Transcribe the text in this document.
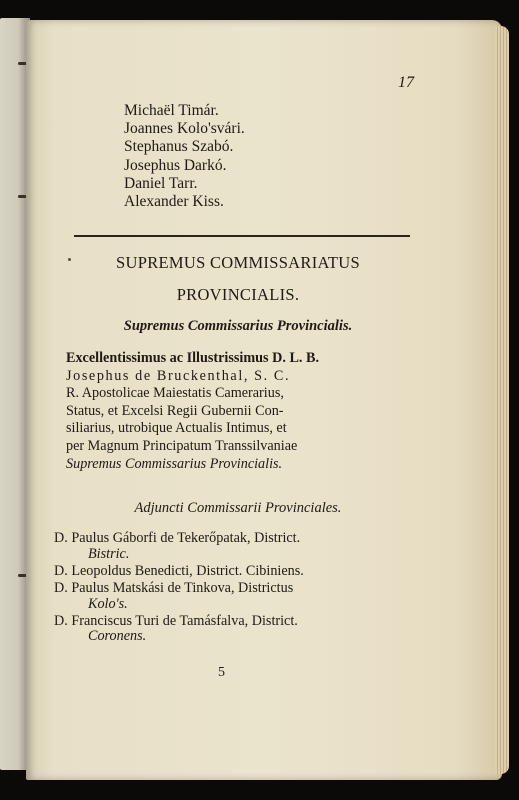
17
Michaël Timár.
Joannes Kolo'svári.
Stephanus Szabó.
Josephus Darkó.
Daniel Tarr.
Alexander Kiss.
SUPREMUS COMMISSARIATUS
PROVINCIALIS.
Supremus Commissarius Provincialis.

Excellentissimus ac Illustrissimus D. L. B.
Josephus de Bruckenthal, S. C.
R. Apostolicae Maiestatis Camerarius,
Status, et Excelsi Regii Gubernii Con-
siliarius, utrobique Actualis Intimus, et
per Magnum Principatum Transsilvaniae
Supremus Commissarius Provincialis.

Adjuncti Commissarii Provinciales.
D. Paulus Gáborfi de Tekerőpatak, District.
Bistric.
D. Leopoldus Benedicti, District. Cibiniens.
D. Paulus Matskási de Tinkova, Districtus
Kolo's.
D. Franciscus Turi de Tamásfalva, District.
Coronens.
5
